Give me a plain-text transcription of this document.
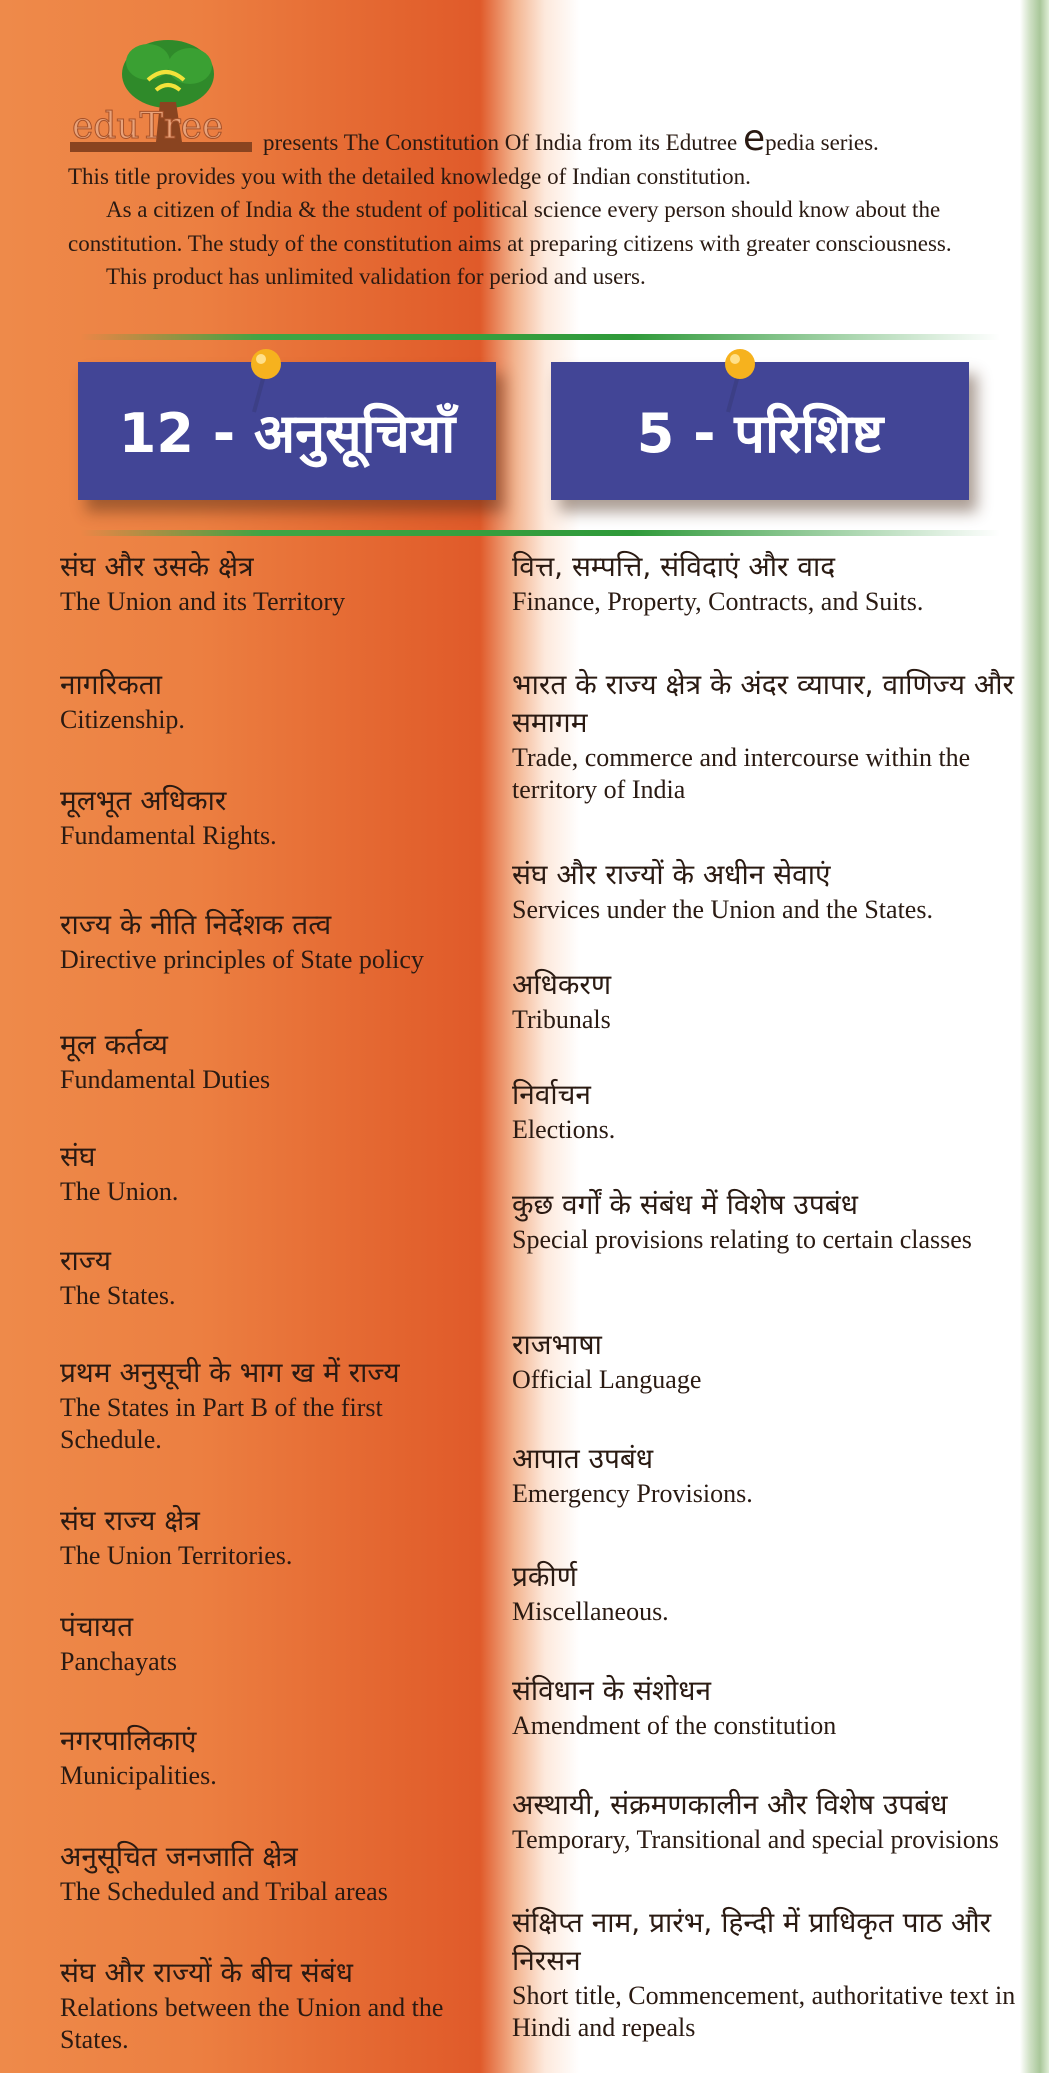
eduTree	presents The Constitution Of India from its Edutree epedia series.

This title provides you with the detailed knowledge of Indian constitution.

As a citizen of India & the student of political science every person should know about the constitution. The study of the constitution aims at preparing citizens with greater consciousness.

This product has unlimited validation for period and users.

12 - अनुसूचियाँ	5 - परिशिष्ट
संघ और उसके क्षेत्र
The Union and its Territory
नागरिकता
Citizenship.
मूलभूत अधिकार
Fundamental Rights.
राज्य के नीति निर्देशक तत्व
Directive principles of State policy
मूल कर्तव्य
Fundamental Duties
संघ
The Union.
राज्य
The States.
प्रथम अनुसूची के भाग ख में राज्य
The States in Part B of the first Schedule.
संघ राज्य क्षेत्र
The Union Territories.
पंचायत
Panchayats
नगरपालिकाएं
Municipalities.
अनुसूचित जनजाति क्षेत्र
The Scheduled and Tribal areas
संघ और राज्यों के बीच संबंध
Relations between the Union and the States.
वित्त, सम्पत्ति, संविदाएं और वाद
Finance, Property, Contracts, and Suits.
भारत के राज्य क्षेत्र के अंदर व्यापार, वाणिज्य और समागम
Trade, commerce and intercourse within the territory of India
संघ और राज्यों के अधीन सेवाएं
Services under the Union and the States.
अधिकरण
Tribunals
निर्वाचन
Elections.
कुछ वर्गों के संबंध में विशेष उपबंध
Special provisions relating to certain classes
राजभाषा
Official Language
आपात उपबंध
Emergency Provisions.
प्रकीर्ण
Miscellaneous.
संविधान के संशोधन
Amendment of the constitution
अस्थायी, संक्रमणकालीन और विशेष उपबंध
Temporary, Transitional and special provisions
संक्षिप्त नाम, प्रारंभ, हिन्दी में प्राधिकृत पाठ और निरसन
Short title, Commencement, authoritative text in Hindi and repeals
